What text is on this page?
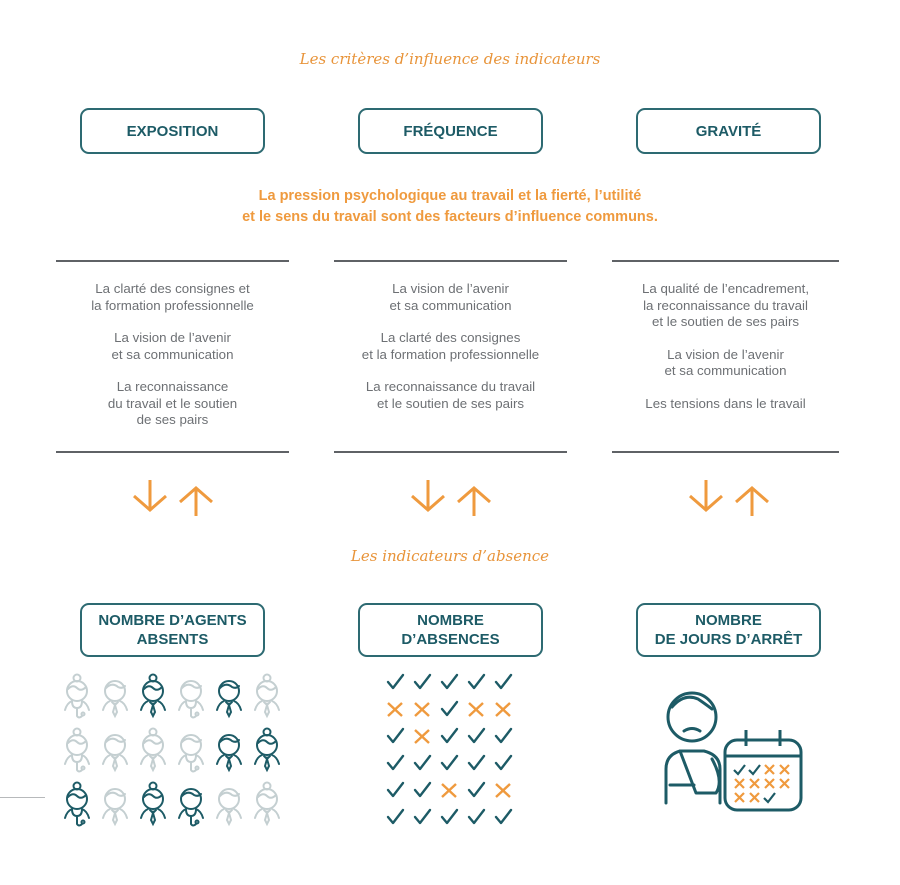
Les critères d’influence des indicateurs
EXPOSITION	FRÉQUENCE	GRAVITÉ
La pression psychologique au travail et la fierté, l’utilité
et le sens du travail sont des facteurs d’influence communs.

La clarté des consignes et
la formation professionnelle

La vision de l’avenir
et sa communication

La reconnaissance
du travail et le soutien
de ses pairs

La vision de l’avenir
et sa communication

La clarté des consignes
et la formation professionnelle

La reconnaissance du travail
et le soutien de ses pairs

La qualité de l’encadrement,
la reconnaissance du travail
et le soutien de ses pairs

La vision de l’avenir
et sa communication

Les tensions dans le travail

Les indicateurs d’absence
NOMBRE D’AGENTS
ABSENTS
NOMBRE
D’ABSENCES
NOMBRE
DE JOURS D’ARRÊT
